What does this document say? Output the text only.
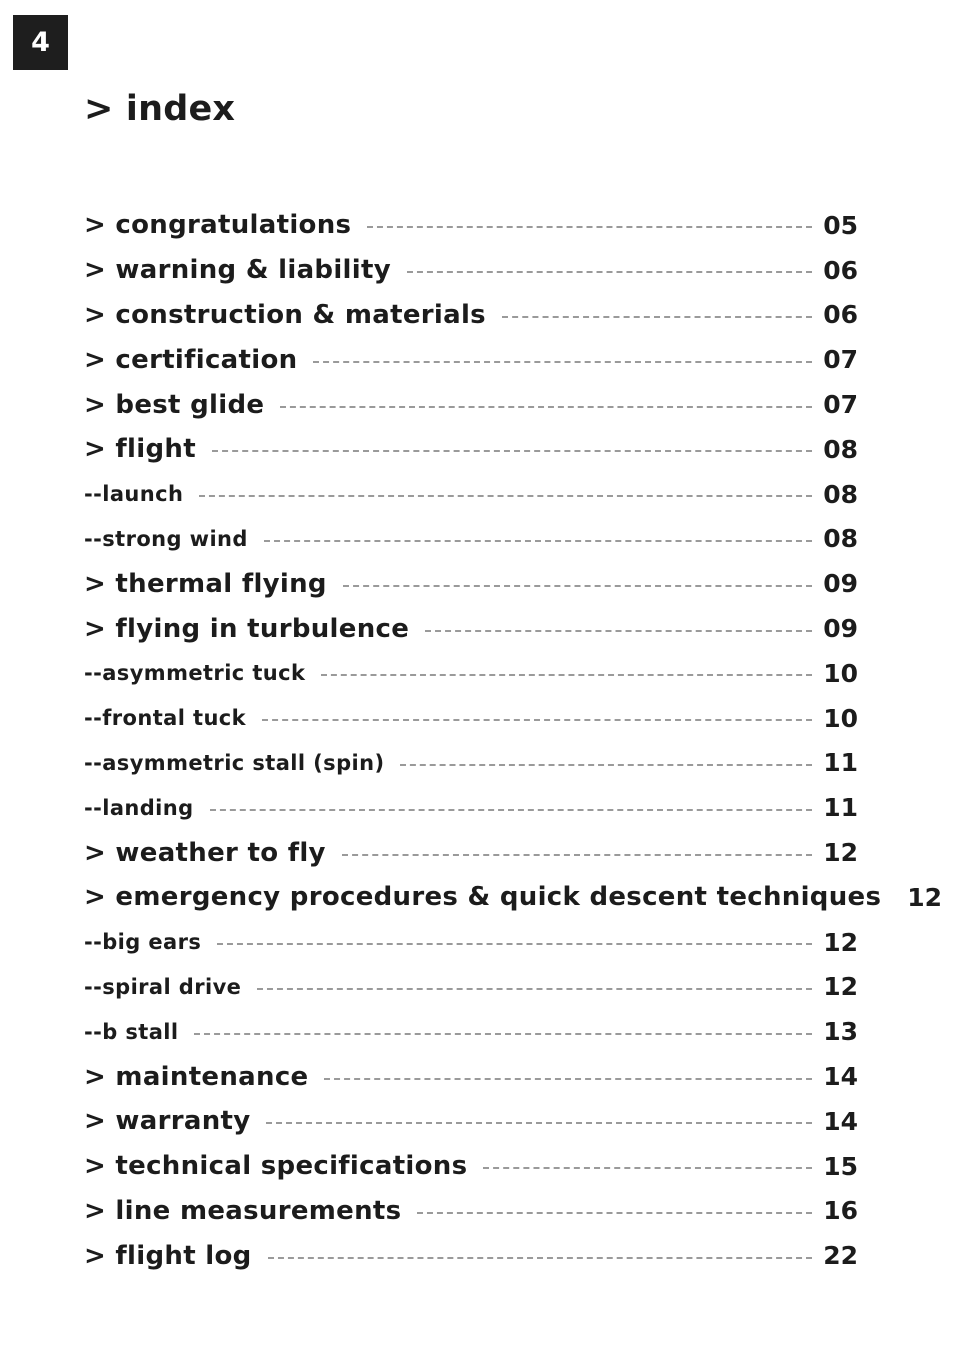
4
> index
> congratulations	05
> warning & liability	06
> construction & materials	06
> certification	07
> best glide	07
> flight	08
--launch	08
--strong wind	08
> thermal flying	09
> flying in turbulence	09
--asymmetric tuck	10
--frontal tuck	10
--asymmetric stall (spin)	11
--landing	11
> weather to fly	12
> emergency procedures & quick descent techniques 12
--big ears	12
--spiral drive	12
--b stall	13
> maintenance	14
> warranty	14
> technical specifications	15
> line measurements	16
> flight log	22
